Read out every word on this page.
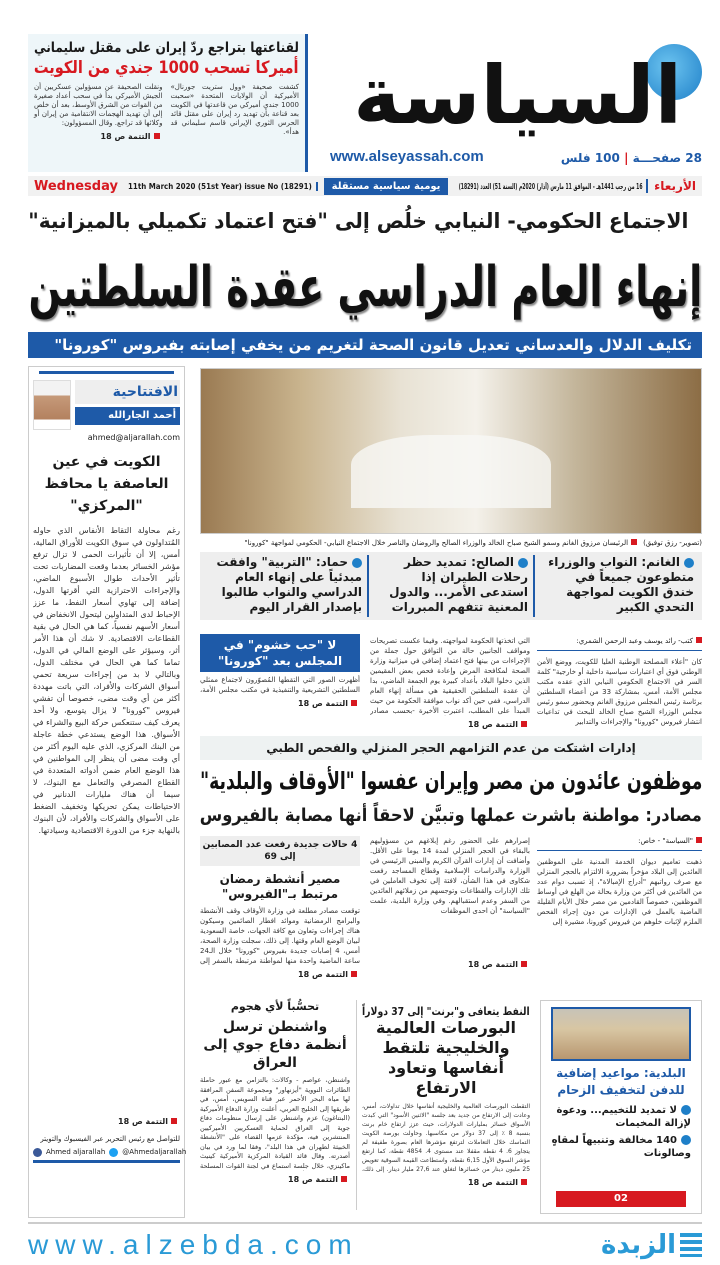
السياسة
28 صفحـــة | 100 فلس
www.alseyassah.com
لقناعتها بتراجع ردّ إيران على مقتل سليماني
أميركا تسحب 1000 جندي من الكويت
كشفت صحيفة «وول ستريت جورنال» الأميركية أن الولايات المتحدة «سحبت 1000 جندي أميركي من قاعدتها في الكويت بعد قناعة بأن تهديد رد إيران على مقتل قائد الحرس الثوري الإيراني قاسم سليماني قد هدأ».
ونقلت الصحيفة عن مسؤولين عسكريين أن الجيش الأميركي بدأ في سحب أعداد صغيرة من القوات من الشرق الأوسط، بعد أن خلص إلى أن تهديد الهجمات الانتقامية من إيران أو وكلائها قد تراجع. وقال المسؤولون:
التتمة ص 18
الأربعاء
16 من رجب 1441هـ - الموافق 11 مارس (آذار) 2020م (السنة 51) العدد (18291)
يومية سياسية مستقلة
11th March 2020 (51st Year) issue No (18291)
Wednesday
الاجتماع الحكومي- النيابي خلُص إلى "فتح اعتماد تكميلي بالميزانية"
إنهاء العام الدراسي عقدة السلطتين
تكليف الدلال والعدساني تعديل قانون الصحة لتغريم من يخفي إصابته بفيروس "كورونا"
الافتتاحية
أحمد الجارالله
ahmed@aljarallah.com
الكويت في عين العاصفة يا محافظ "المركزي"
رغم محاولة التقاط الأنفاس الذي حاوله المُتداولون في سوق الكويت للأوراق المالية، أمس، إلا أن تأثيرات الحمى لا تزال ترفع مؤشر الخسائر بعدما وقعت المضاربات تحت تأثير الأحداث طوال الأسبوع الماضي، والإجراءات الاحترازية التي أقرتها الدول، إضافة إلى تهاوي أسعار النفط، ما عزز الإحباط لدى المتداولين ليتحول الانخفاض في أسعار الأسهم نفسياً، كما هي الحال في بقية القطاعات الاقتصادية. لا شك أن هذا الأمر أثر، وسيؤثر على الوضع المالي في الدول، تماما كما هي الحال في مختلف الدول، وبالتالي لا بد من إجراءات سريعة تحمي أسواق الشركات والأفراد، التي باتت مهددة أكثر من أي وقت مضى، خصوصا أن تفشي فيروس "كورونا" لا يزال يتوسع، ولا أحد يعرف كيف ستنعكس حركة البيع والشراء في الأسواق. هذا الوضع يستدعي خطة عاجلة من البنك المركزي، الذي عليه اليوم أكثر من أي وقت مضى أن ينظر إلى المواطنين في هذا الوضع العام ضمن أدواته المتعددة في القطاع المصرفي والتعامل مع البنوك، لا سيما أن هناك مليارات الدنانير في الاحتياطات يمكن تحريكها وتخفيف الضغط على الأسواق والشركات والأفراد، لأن البنوك بالنهاية جزء من الدورة الاقتصادية وسيادتها.
التتمة ص 18
للتواصل مع رئيس التحرير عبر الفيسبوك والتويتر
Ahmed aljarallah @Ahmedaljarallah
الرئيسان مرزوق الغانم وسمو الشيخ صباح الخالد والوزراء الصالح والروضان والناصر خلال الاجتماع النيابي- الحكومي لمواجهة "كورونا"	(تصوير- رزق توفيق)
الغانم: النواب والوزراء متطوعون جميعاً في خندق الكويت لمواجهة التحدي الكبير
الصالح: تمديد حظر رحلات الطيران إذا استدعى الأمر... والدول المعنية تتفهم المبررات
حماد: "التربية" وافقت مبدئياً على إنهاء العام الدراسي والنواب طالبوا بإصدار القرار اليوم
كتب- رائد يوسف وعبد الرحمن الشمري:
كان "أعلاء المصلحة الوطنية العليا للكويت، ووضع الأمن الوطني فوق أي اعتبارات سياسية داخلية أو خارجية" كلمة السر في الاجتماع الحكومي النيابي الذي عقده مكتب مجلس الأمة، أمس، بمشاركة 33 من أعضاء السلطتين برئاسة رئيس المجلس مرزوق الغانم وبحضور سمو رئيس مجلس الوزراء الشيخ صباح الخالد للبحث في تداعيات انتشار فيروس "كورونا" والإجراءات والتدابير
التي اتخذتها الحكومة لمواجهته. وفيما عكست تصريحات ومواقف الجانبين حالة من التوافق حول جملة من الإجراءات من بينها فتح اعتماد إضافي في ميزانية وزارة الصحة لمكافحة المرض وإعادة فحص بعض المقيمين الذين دخلوا البلاد بأعداد كبيرة يوم الجمعة الماضي، بدا أن عقدة السلطتين الحقيقية هي مسألة إنهاء العام الدراسي، ففي حين أكد نواب موافقة الحكومة من حيث المبدأ على المطلب، اعتبرت الأخيرة -بحسب مصادر
التتمة ص 18
لا "حب خشوم" في المجلس بعد "كورونا"
أظهرت الصور التي التقطها المُصوّرون لاجتماع ممثلي السلطتين التشريعية والتنفيذية في مكتب مجلس الأمة،
التتمة ص 18
إدارات اشتكت من عدم التزامهم الحجر المنزلي والفحص الطبي
موظفون عائدون من مصر وإيران عفسوا "الأوقاف والبلدية"
مصادر: مواطنة باشرت عملها وتبيَّن لاحقاً أنها مصابة بالفيروس
"السياسة" - خاص:
ذهبت تعاميم ديوان الخدمة المدنية على الموظفين العائدين إلى البلاد مؤخراً بضرورة الالتزام بالحجر المنزلي مع صرف رواتبهم "أدراج الإمبالاة"، إذ تسبب دوام عدد من العائدين في أكثر من وزارة بحالة من الهلع في أوساط الموظفين، خصوصاً القادمين من مصر خلال الأيام القليلة الماضية بالعمل في الإدارات من دون إجراء الفحص الملزم لإثبات خلوهم من فيروس كورونا، مشيرة إلى
إصرارهم على الحضور رغم إبلاغهم من مسؤوليهم بالبقاء في الحجر المنزلي لمدة 14 يوما على الأقل. وأضافت أن إدارات القرآن الكريم والمبنى الرئيسي في الوزارة والدراسات الإسلامية وقطاع المساجد رفعت شكاوى في هذا الشأن، لافتة إلى تخوف العاملين في تلك الإدارات والقطاعات وتوجسهم من زملائهم العائدين من السفر وعدم استقبالهم. وفي وزارة البلدية، علمت "السياسة" أن احدى الموظفات
التتمة ص 18
4 حالات جديدة رفعت عدد المصابين إلى 69
مصير أنشطة رمضان مرتبط بـ"الفيروس"
توقعت مصادر مطلعة في وزارة الأوقاف وقف الأنشطة والبرامج الرمضانية وموائد افطار الصائمين وسيكون هناك إجراءات وتعاون مع كافة الجهات، خاصة السعودية لبيان الوضع العام وقتها. إلى ذلك، سجلت وزارة الصحة، أمس، 4 إصابات جديدة بفيروس "كورونا" خلال الـ24 ساعة الماضية واحدة منها لمواطنة مرتبطة بالسفر إلى
التتمة ص 18
البلدية: مواعيد إضافية للدفن لتخفيف الزحام
لا تمديد للتخييم... ودعوة لإزالة المخيمات
140 مخالفة وتنبيهاً لمقاهٍ وصالونات
02
النفط يتعافى و"برنت" إلى 37 دولاراً
البورصات العالمية والخليجية تلتقط أنفاسها وتعاود الارتفاع
التقطت البورصات العالمية والخليجية أنفاسها خلال تداولات، أمس، وعادت إلى الارتفاع من جديد بعد جلسة "الاثنين الأسود" التي كبدت الأسواق خسائر بمليارات الدولارات، حيث عزز ارتفاع خام برنت بنسبة 8 ٪ إلى 37 دولار من مكاسبها. وحاولت بورصة الكويت التماسك خلال التعاملات لترتفع مؤشرها العام بصورة طفيفة لم يتجاوز 6. 4 نقطة مقفلا عند مستوى 4. 4854 نقطة، كما ارتفع مؤشر السوق الأول 6,15 نقطة، واستطاعت القيمة السوقية تعويض 25 مليون دينار من خسائرها لتغلق عند 27,6 مليار دينار. إلى ذلك،
التتمة ص 18
تحسُّباً لأي هجوم
واشنطن ترسل أنظمة دفاع جوي إلى العراق
واشنطن، عواصم - وكالات: بالتزامن مع عبور حاملة الطائرات النووية "أيزنهاور" ومجموعة السفن المرافقة لها مياه البحر الأحمر عبر قناة السويس، أمس، في طريقها إلى الخليج العربي، أعلنت وزارة الدفاع الأميركية (البنتاغون) عزم واشنطن على إرسال منظومات دفاع جوية إلى العراق لحماية العسكريين الأميركيين المنتشرين فيه، مؤكدة عزمها القضاء على "الأنشطة الخبيثة لطهران في هذا البلد"، وفقا لما ورد في بيان أصدرته. وقال قائد القيادة المركزية الأميركية كينيث ماكينزي، خلال جلسة استماع في لجنة القوات المسلحة
التتمة ص 18
www.alzebda.com	الزبدة
